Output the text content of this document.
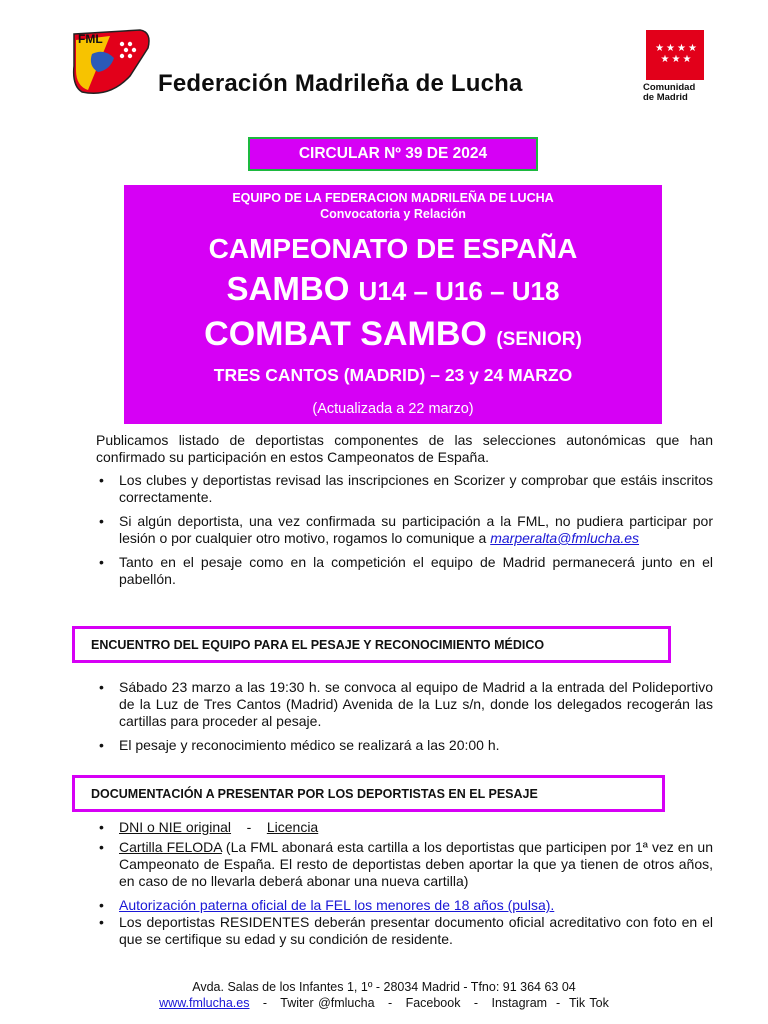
FML
Federación Madrileña de Lucha
★★★★
★★★
Comunidad
de Madrid
CIRCULAR Nº 39 DE 2024
EQUIPO DE LA FEDERACION MADRILEÑA DE LUCHA
Convocatoria y Relación
CAMPEONATO DE ESPAÑA
SAMBO U14 – U16 – U18
COMBAT SAMBO (SENIOR)
TRES CANTOS (MADRID) – 23 y 24 MARZO
(Actualizada a 22 marzo)
Publicamos listado de deportistas componentes de las selecciones autonómicas que han confirmado su participación en estos Campeonatos de España.
• Los clubes y deportistas revisad las inscripciones en Scorizer y comprobar que estáis inscritos correctamente.
• Si algún deportista, una vez confirmada su participación a la FML, no pudiera participar por lesión o por cualquier otro motivo, rogamos lo comunique a marperalta@fmlucha.es
• Tanto en el pesaje como en la competición el equipo de Madrid permanecerá junto en el pabellón.
ENCUENTRO DEL EQUIPO PARA EL PESAJE Y RECONOCIMIENTO MÉDICO
• Sábado 23 marzo a las 19:30 h. se convoca al equipo de Madrid a la entrada del Polideportivo de la Luz de Tres Cantos (Madrid) Avenida de la Luz s/n, donde los delegados recogerán las cartillas para proceder al pesaje.
• El pesaje y reconocimiento médico se realizará a las 20:00 h.
DOCUMENTACIÓN A PRESENTAR POR LOS DEPORTISTAS EN EL PESAJE
• DNI o NIE original - Licencia
• Cartilla FELODA (La FML abonará esta cartilla a los deportistas que participen por 1ª vez en un Campeonato de España. El resto de deportistas deben aportar la que ya tienen de otros años, en caso de no llevarla deberá abonar una nueva cartilla)
• Autorización paterna oficial de la FEL los menores de 18 años (pulsa).
• Los deportistas RESIDENTES deberán presentar documento oficial acreditativo con foto en el que se certifique su edad y su condición de residente.
Avda. Salas de los Infantes 1, 1º - 28034 Madrid - Tfno: 91 364 63 04
www.fmlucha.es - Twiter @fmlucha - Facebook - Instagram - Tik Tok
